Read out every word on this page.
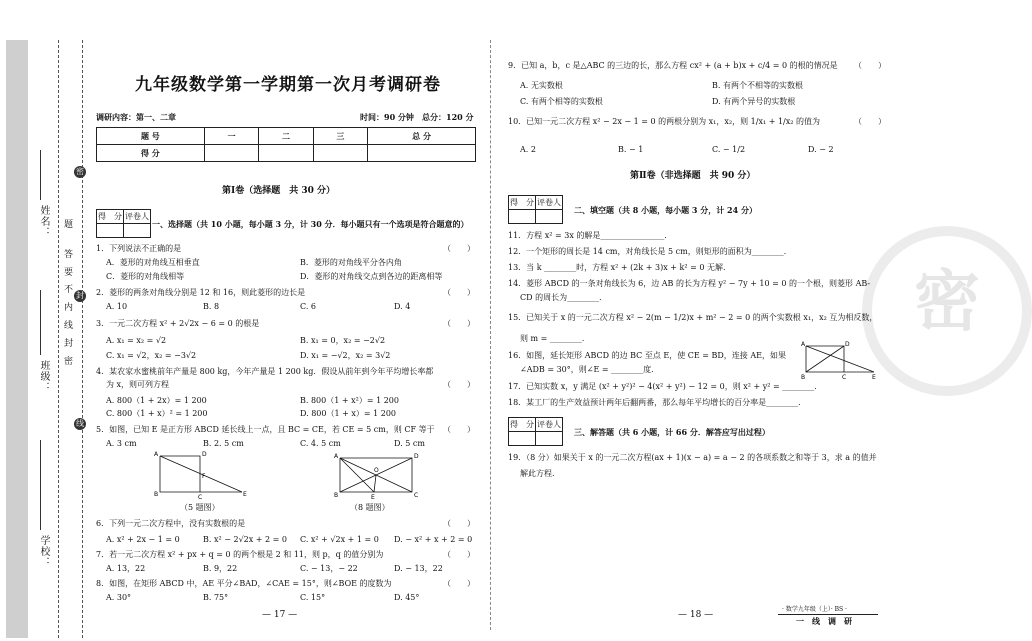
姓名：
班级：
学校：
题
答
要
不
内
线
封
密
密
封
线
九年级数学第一学期第一次月考调研卷
调研内容：第一、二章	时间：90 分钟 总分：120 分
题 号	一	二	三	总 分
得 分				
第Ⅰ卷（选择题　共 30 分）
得　分	评卷人

一、选择题（共 10 小题，每小题 3 分，计 30 分．每小题只有一个选项是符合题意的）
1．下列说法不正确的是	（　　）
A．菱形的对角线互相垂直	B．菱形的对角线平分各内角
C．菱形的对角线相等	D．菱形的对角线交点到各边的距离相等
2．菱形的两条对角线分别是 12 和 16，则此菱形的边长是	（　　）
A. 10	B. 8	C. 6	D. 4
3．一元二次方程 x² + 2√2x − 6 = 0 的根是	（　　）
A. x₁ = x₂ = √2	B. x₁ = 0，x₂ = −2√2
C. x₁ = √2，x₂ = −3√2	D. x₁ = −√2，x₂ = 3√2
4．某农家水蜜桃前年产量是 800 kg，今年产量是 1 200 kg．假设从前年到今年平均增长率都
为 x，则可列方程	（　　）
A. 800（1 + 2x）= 1 200	B. 800（1 + x²）= 1 200
C. 800（1 + x）² = 1 200	D. 800（1 + x）= 1 200
5．如图，已知 E 是正方形 ABCD 延长线上一点，且 BC = CE，若 CE = 5 cm，则 CF 等于 （　　）
A. 3 cm	B. 2. 5 cm	C. 4. 5 cm	D. 5 cm
A	D
B	C	E
F
（5 题图）
A	D
B	C
E
O
（8 题图）
6．下列一元二次方程中，没有实数根的是	（　　）
A. x² + 2x − 1 = 0	B. x² − 2√2x + 2 = 0 C. x² + √2x + 1 = 0 D. − x² + x + 2 = 0
7．若一元二次方程 x² + px + q = 0 的两个根是 2 和 11，则 p，q 的值分别为	（　　）
A. 13，22	B. 9，22	C. − 13，− 22	D. − 13，22
8．如图，在矩形 ABCD 中，AE 平分∠BAD，∠CAE = 15°，则∠BOE 的度数为	（　　）
A. 30°	B. 75°	C. 15°	D. 45°
— 17 —
密
9．已知 a，b，c 是△ABC 的三边的长，那么方程 cx² + (a + b)x + c/4 = 0 的根的情况是 （　　）
A. 无实数根	B. 有两个不相等的实数根
C. 有两个相等的实数根	D. 有两个异号的实数根
10．已知一元二次方程 x² − 2x − 1 = 0 的两根分别为 x₁，x₂，则 1/x₁ + 1/x₂ 的值为	（　　）
A. 2	B. − 1	C. − 1/2	D. − 2
第Ⅱ卷（非选择题　共 90 分）
得　分	评卷人

二、填空题（共 8 小题，每小题 3 分，计 24 分）
11．方程 x² = 3x 的解是________________．
12．一个矩形的周长是 14 cm，对角线长是 5 cm，则矩形的面积为________．
13．当 k ________时，方程 x² + (2k + 3)x + k² = 0 无解．
14．菱形 ABCD 的一条对角线长为 6，边 AB 的长为方程 y² − 7y + 10 = 0 的一个根，则菱形 AB-
CD 的周长为________．
15．已知关于 x 的一元二次方程 x² − 2(m − 1/2)x + m² − 2 = 0 的两个实数根 x₁，x₂ 互为相反数，
则 m = ________．
16．如图，延长矩形 ABCD 的边 BC 至点 E，使 CE = BD，连接 AE，如果
∠ADB = 30°，则∠E = ________度．
A	D
B	C	E
17．已知实数 x，y 满足 (x² + y²)² − 4(x² + y²) − 12 = 0，则 x² + y² = ________．
18．某工厂的生产效益预计两年后翻两番，那么每年平均增长的百分率是________．
得　分	评卷人

三、解答题（共 6 小题，计 66 分．解答应写出过程）
19．（8 分）如果关于 x 的一元二次方程(ax + 1)(x − a) = a − 2 的各项系数之和等于 3，求 a 的值并
解此方程．
— 18 —
· 数学九年级（上）· BS ·
一　线　调　研
